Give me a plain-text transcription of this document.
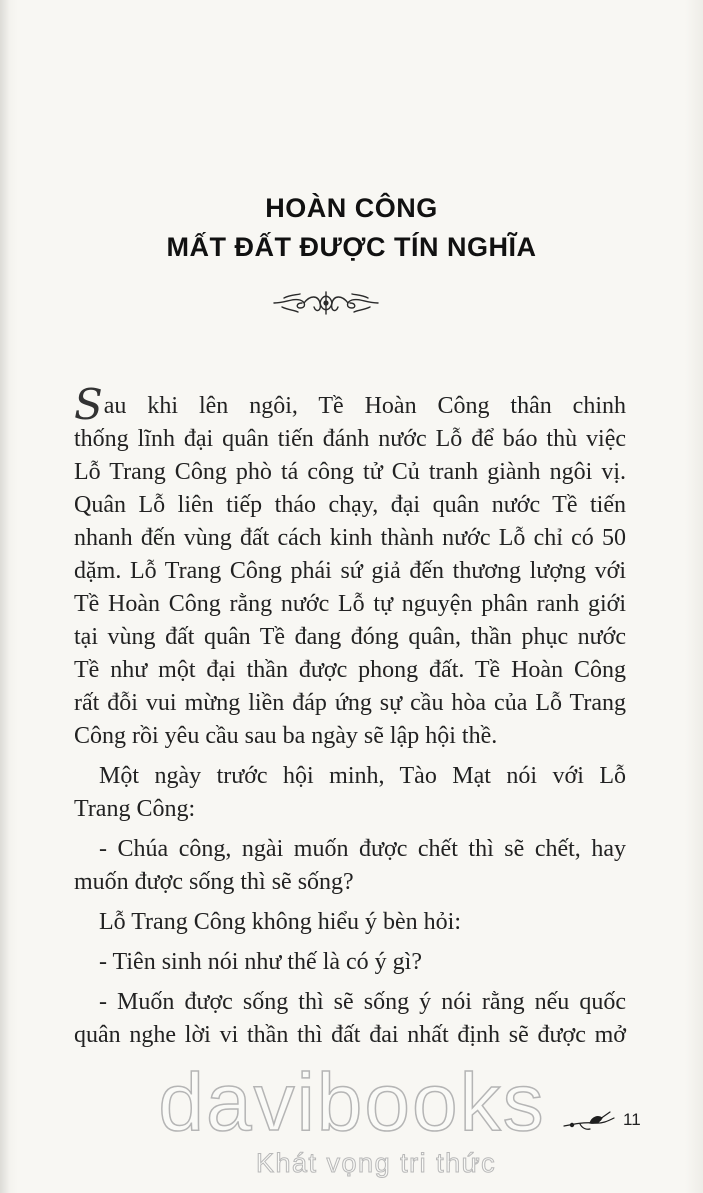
HOÀN CÔNG
MẤT ĐẤT ĐƯỢC TÍN NGHĨA
Sau khi lên ngôi, Tề Hoàn Công thân chinh
thống lĩnh đại quân tiến đánh nước Lỗ để báo thù việc
Lỗ Trang Công phò tá công tử Củ tranh giành ngôi vị.
Quân Lỗ liên tiếp tháo chạy, đại quân nước Tề tiến
nhanh đến vùng đất cách kinh thành nước Lỗ chỉ có 50
dặm. Lỗ Trang Công phái sứ giả đến thương lượng với
Tề Hoàn Công rằng nước Lỗ tự nguyện phân ranh giới
tại vùng đất quân Tề đang đóng quân, thần phục nước
Tề như một đại thần được phong đất. Tề Hoàn Công
rất đỗi vui mừng liền đáp ứng sự cầu hòa của Lỗ Trang
Công rồi yêu cầu sau ba ngày sẽ lập hội thề.
Một ngày trước hội minh, Tào Mạt nói với Lỗ
Trang Công:
- Chúa công, ngài muốn được chết thì sẽ chết, hay
muốn được sống thì sẽ sống?
Lỗ Trang Công không hiểu ý bèn hỏi:
- Tiên sinh nói như thế là có ý gì?
- Muốn được sống thì sẽ sống ý nói rằng nếu quốc
quân nghe lời vi thần thì đất đai nhất định sẽ được mở
11
davibooks
Khát vọng tri thức
